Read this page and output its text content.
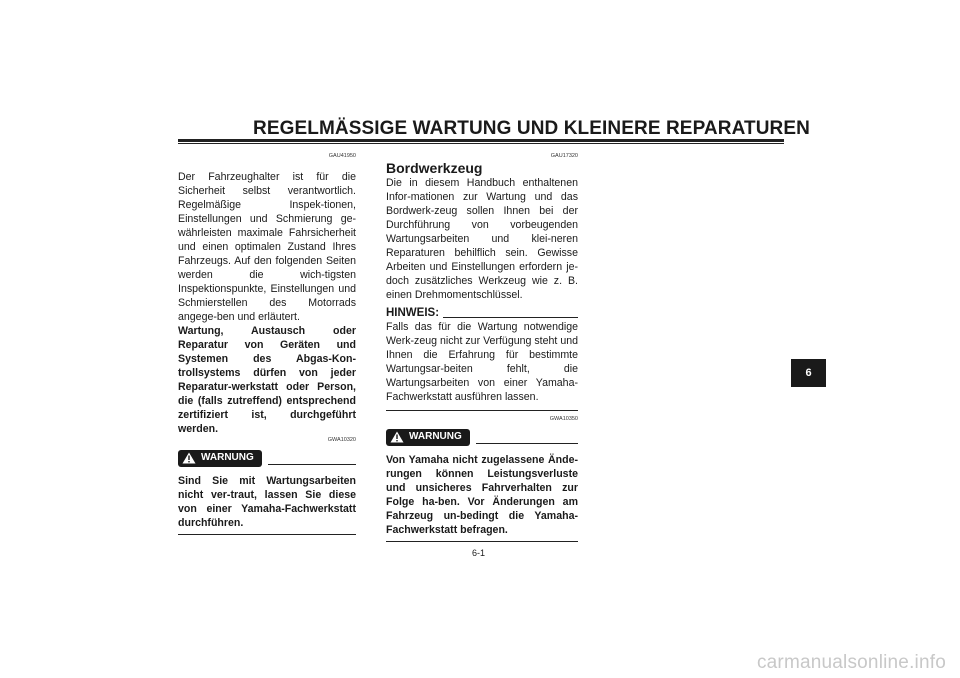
REGELMÄSSIGE WARTUNG UND KLEINERE REPARATUREN
GAU41950

Der Fahrzeughalter ist für die Sicherheit selbst verantwortlich. Regelmäßige Inspek-tionen, Einstellungen und Schmierung ge-währleisten maximale Fahrsicherheit und einen optimalen Zustand Ihres Fahrzeugs. Auf den folgenden Seiten werden die wich-tigsten Inspektionspunkte, Einstellungen und Schmierstellen des Motorrads angege-ben und erläutert.

Wartung, Austausch oder Reparatur von Geräten und Systemen des Abgas-Kon-trollsystems dürfen von jeder Reparatur-werkstatt oder Person, die (falls zutreffend) entsprechend zertifiziert ist, durchgeführt werden.

GWA10320
WARNUNG

Sind Sie mit Wartungsarbeiten nicht ver-traut, lassen Sie diese von einer Yamaha-Fachwerkstatt durchführen.

GAU17320
Bordwerkzeug

Die in diesem Handbuch enthaltenen Infor-mationen zur Wartung und das Bordwerk-zeug sollen Ihnen bei der Durchführung von vorbeugenden Wartungsarbeiten und klei-neren Reparaturen behilflich sein. Gewisse Arbeiten und Einstellungen erfordern je-doch zusätzliches Werkzeug wie z. B. einen Drehmomentschlüssel.

HINWEIS:

Falls das für die Wartung notwendige Werk-zeug nicht zur Verfügung steht und Ihnen die Erfahrung für bestimmte Wartungsar-beiten fehlt, die Wartungsarbeiten von einer Yamaha-Fachwerkstatt ausführen lassen.

GWA10350
WARNUNG

Von Yamaha nicht zugelassene Ände-rungen können Leistungsverluste und unsicheres Fahrverhalten zur Folge ha-ben. Vor Änderungen am Fahrzeug un-bedingt die Yamaha-Fachwerkstatt befragen.

6
6-1
carmanualsonline.info
